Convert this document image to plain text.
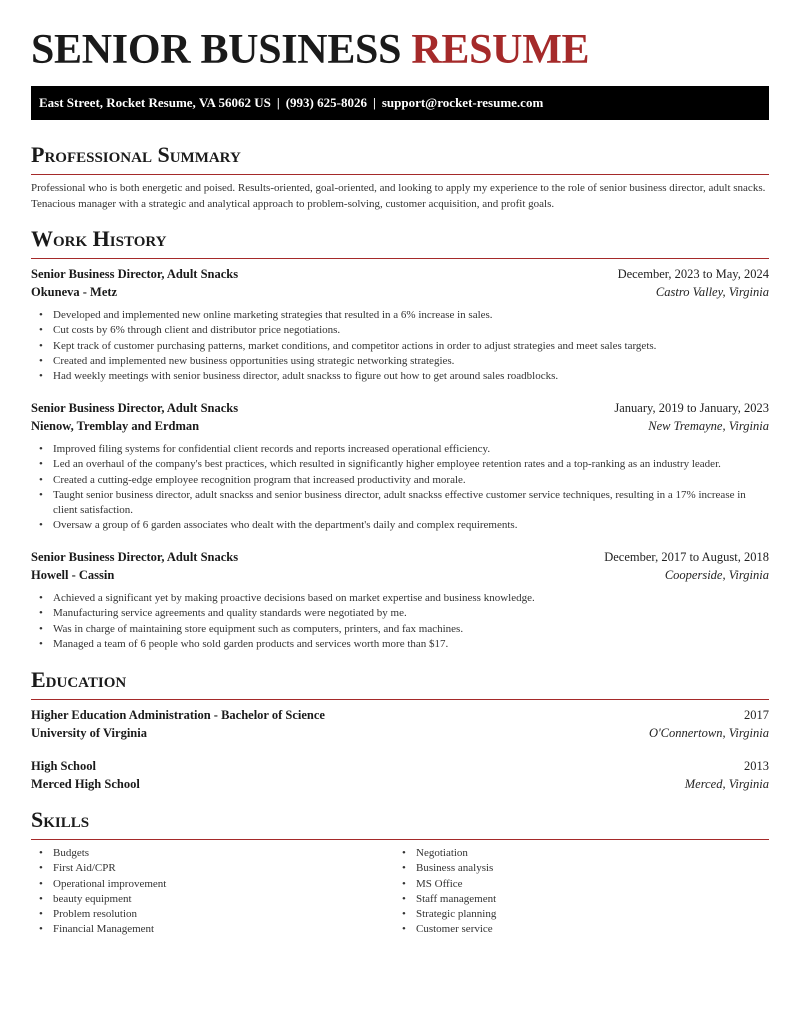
SENIOR BUSINESS RESUME
East Street, Rocket Resume, VA 56062 US | (993) 625-8026 | support@rocket-resume.com
Professional Summary
Professional who is both energetic and poised. Results-oriented, goal-oriented, and looking to apply my experience to the role of senior business director, adult snacks. Tenacious manager with a strategic and analytical approach to problem-solving, customer acquisition, and profit goals.
Work History
Senior Business Director, Adult Snacks	December, 2023 to May, 2024
Okuneva - Metz	Castro Valley, Virginia
• Developed and implemented new online marketing strategies that resulted in a 6% increase in sales.
• Cut costs by 6% through client and distributor price negotiations.
• Kept track of customer purchasing patterns, market conditions, and competitor actions in order to adjust strategies and meet sales targets.
• Created and implemented new business opportunities using strategic networking strategies.
• Had weekly meetings with senior business director, adult snackss to figure out how to get around sales roadblocks.
Senior Business Director, Adult Snacks	January, 2019 to January, 2023
Nienow, Tremblay and Erdman	New Tremayne, Virginia
• Improved filing systems for confidential client records and reports increased operational efficiency.
• Led an overhaul of the company's best practices, which resulted in significantly higher employee retention rates and a top-ranking as an industry leader.
• Created a cutting-edge employee recognition program that increased productivity and morale.
• Taught senior business director, adult snackss and senior business director, adult snackss effective customer service techniques, resulting in a 17% increase in client satisfaction.
• Oversaw a group of 6 garden associates who dealt with the department's daily and complex requirements.
Senior Business Director, Adult Snacks	December, 2017 to August, 2018
Howell - Cassin	Cooperside, Virginia
• Achieved a significant yet by making proactive decisions based on market expertise and business knowledge.
• Manufacturing service agreements and quality standards were negotiated by me.
• Was in charge of maintaining store equipment such as computers, printers, and fax machines.
• Managed a team of 6 people who sold garden products and services worth more than $17.
Education
Higher Education Administration - Bachelor of Science	2017
University of Virginia	O'Connertown, Virginia
High School	2013
Merced High School	Merced, Virginia
Skills
• Budgets
• First Aid/CPR
• Operational improvement
• beauty equipment
• Problem resolution
• Financial Management
• Negotiation
• Business analysis
• MS Office
• Staff management
• Strategic planning
• Customer service
